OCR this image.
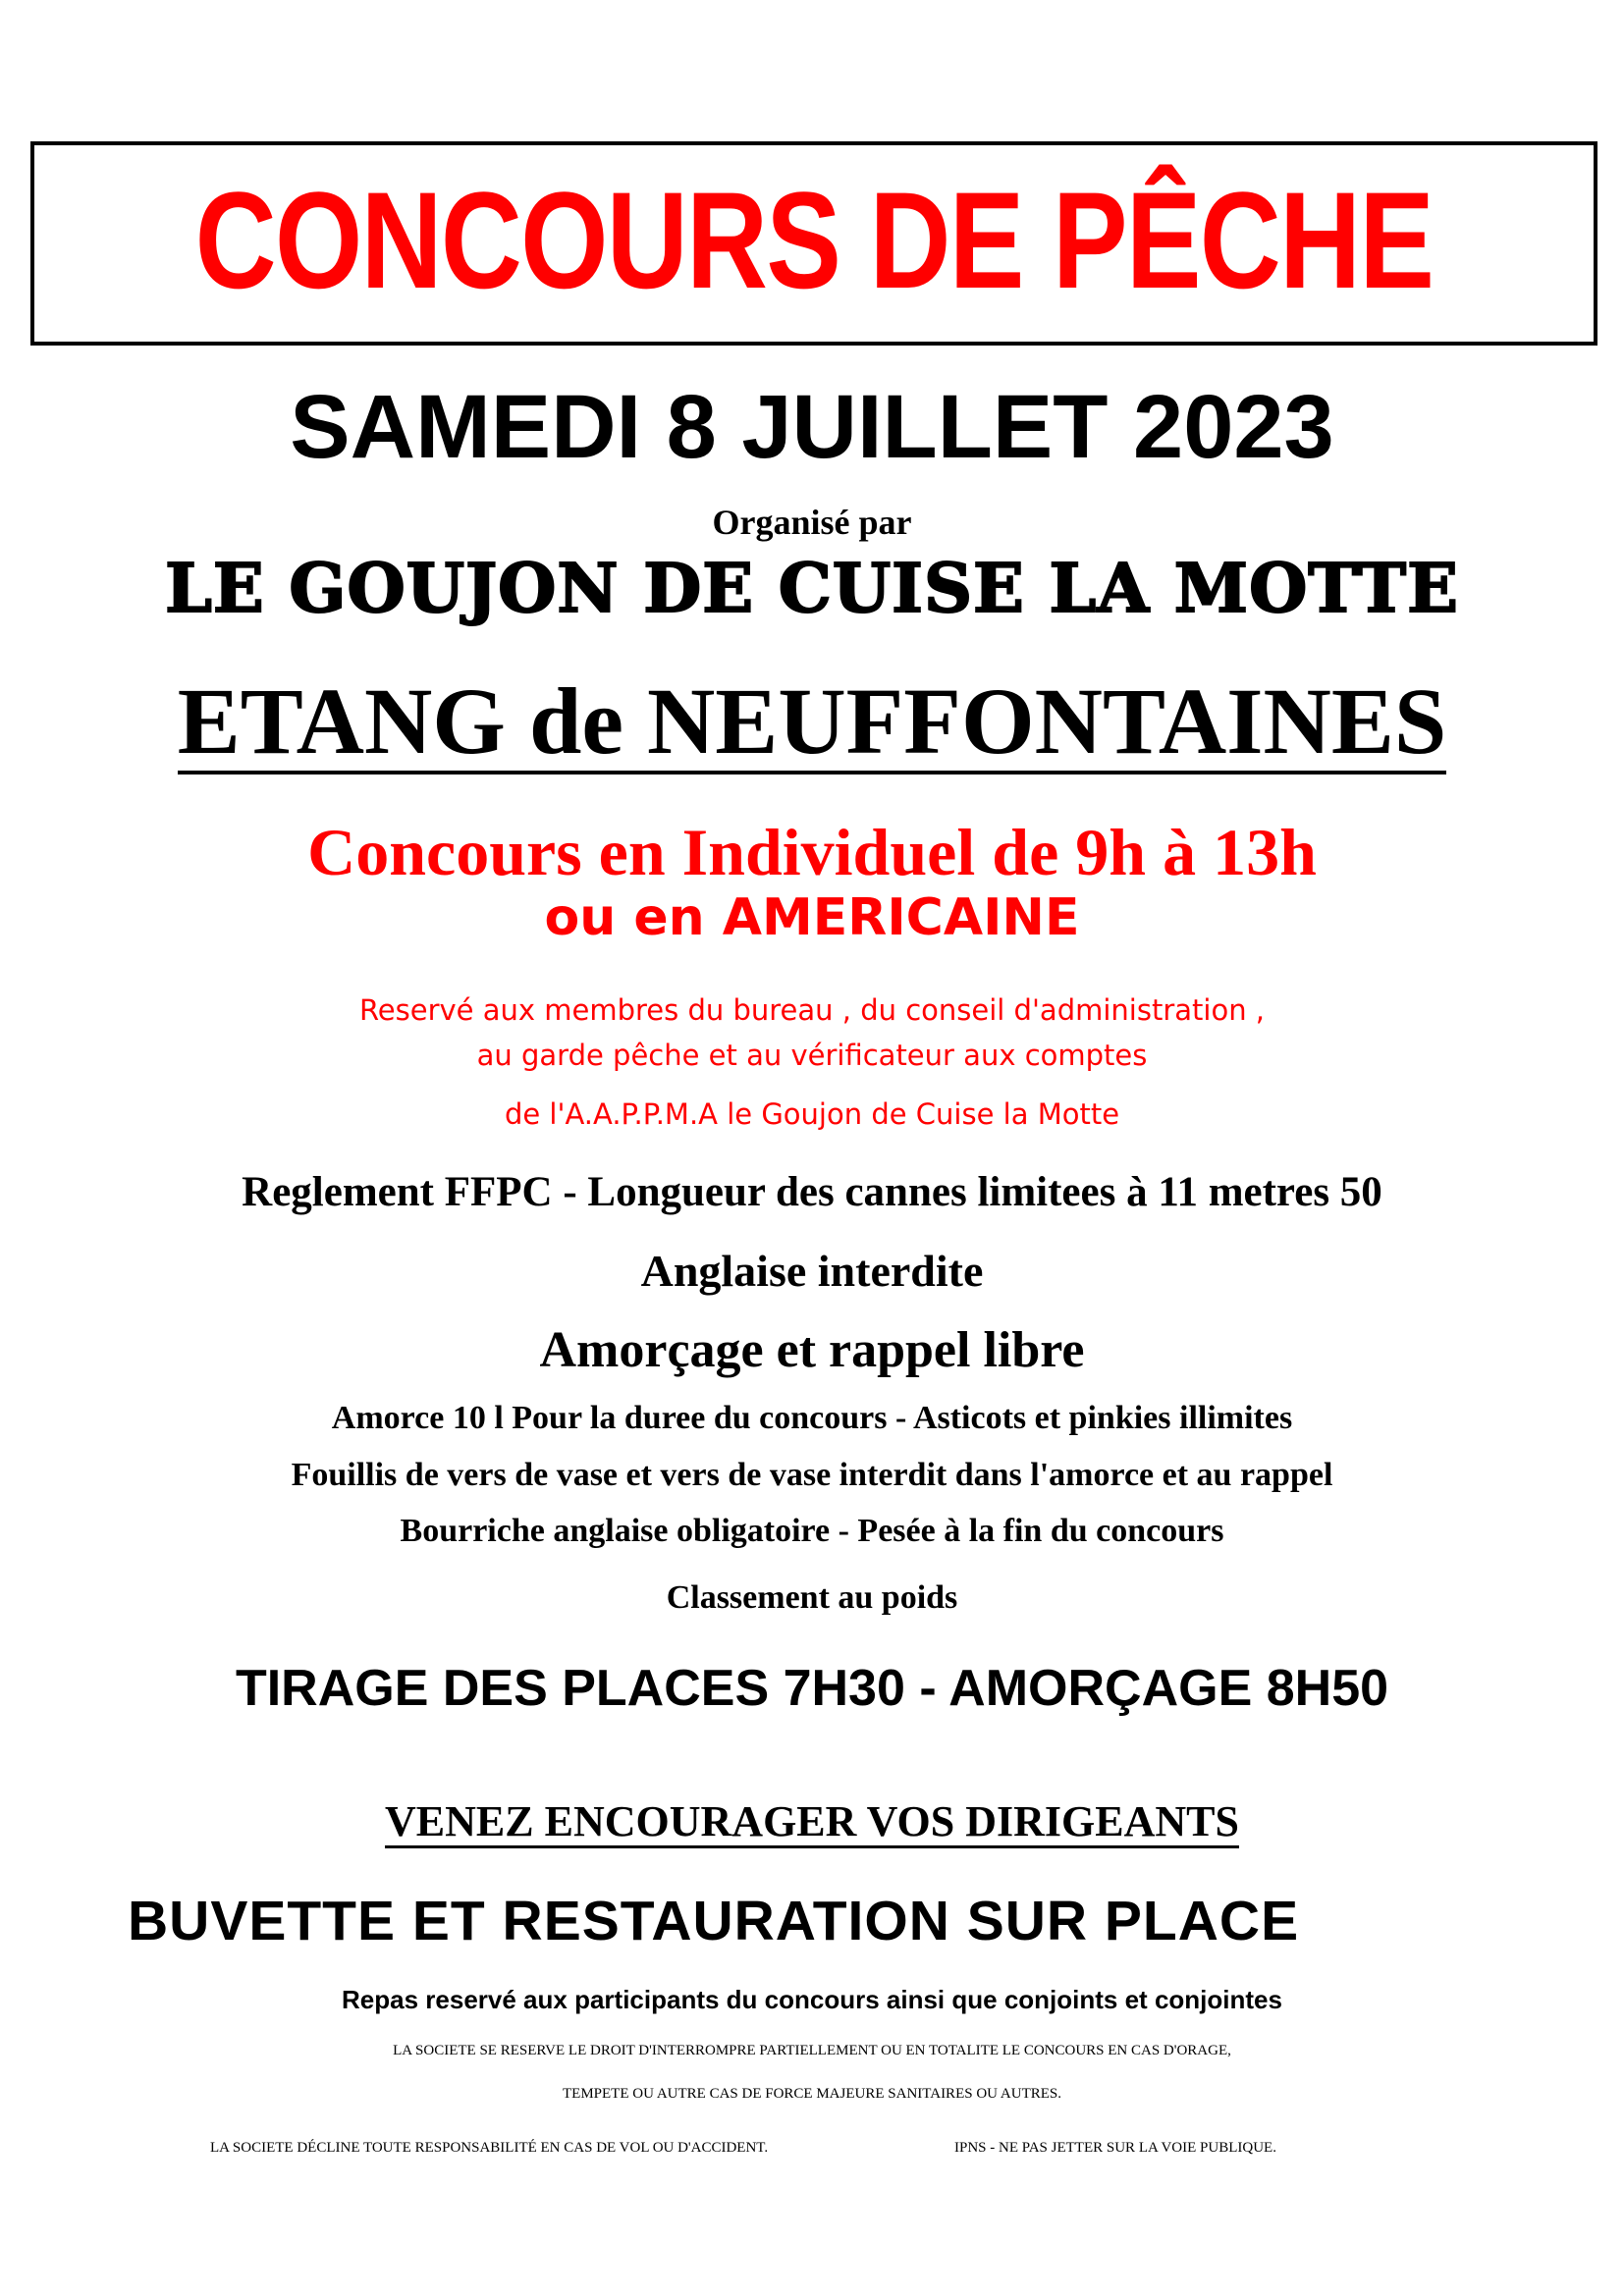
CONCOURS DE PÊCHE

SAMEDI 8 JUILLET 2023

Organisé par

LE GOUJON DE CUISE LA MOTTE

ETANG de NEUFFONTAINES

Concours en Individuel de 9h à 13h

ou en AMERICAINE

Reservé aux membres du bureau , du conseil d'administration ,

au garde pêche et au vérificateur aux comptes

de l'A.A.P.P.M.A le Goujon de Cuise la Motte

Reglement FFPC - Longueur des cannes limitees à 11 metres 50

Anglaise interdite

Amorçage et rappel libre

Amorce 10 l Pour la duree du concours - Asticots et pinkies illimites

Fouillis de vers de vase et vers de vase interdit dans l'amorce et au rappel

Bourriche anglaise obligatoire - Pesée à la fin du concours

Classement au poids

TIRAGE DES PLACES 7H30 - AMORÇAGE 8H50

VENEZ ENCOURAGER VOS DIRIGEANTS

BUVETTE ET RESTAURATION SUR PLACE

Repas reservé aux participants du concours ainsi que conjoints et conjointes

LA SOCIETE SE RESERVE LE DROIT D'INTERROMPRE PARTIELLEMENT OU EN TOTALITE LE CONCOURS EN CAS D'ORAGE,

TEMPETE OU AUTRE CAS DE FORCE MAJEURE SANITAIRES OU AUTRES.

LA SOCIETE DÉCLINE TOUTE RESPONSABILITÉ EN CAS DE VOL OU D'ACCIDENT.	IPNS - NE PAS JETTER SUR LA VOIE PUBLIQUE.
